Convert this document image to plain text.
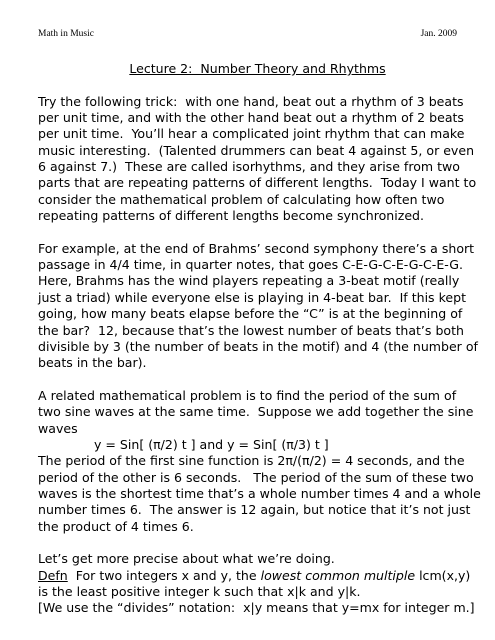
Math in Music	Jan. 2009
Lecture 2:  Number Theory and Rhythms
Try the following trick:  with one hand, beat out a rhythm of 3 beats
per unit time, and with the other hand beat out a rhythm of 2 beats
per unit time.  You’ll hear a complicated joint rhythm that can make
music interesting.  (Talented drummers can beat 4 against 5, or even
6 against 7.)  These are called isorhythms, and they arise from two
parts that are repeating patterns of different lengths.  Today I want to
consider the mathematical problem of calculating how often two
repeating patterns of different lengths become synchronized.
For example, at the end of Brahms’ second symphony there’s a short
passage in 4/4 time, in quarter notes, that goes C-E-G-C-E-G-C-E-G.
Here, Brahms has the wind players repeating a 3-beat motif (really
just a triad) while everyone else is playing in 4-beat bar.  If this kept
going, how many beats elapse before the “C” is at the beginning of
the bar?  12, because that’s the lowest number of beats that’s both
divisible by 3 (the number of beats in the motif) and 4 (the number of
beats in the bar).
A related mathematical problem is to find the period of the sum of
two sine waves at the same time.  Suppose we add together the sine
waves
y = Sin[ (π/2) t ] and y = Sin[ (π/3) t ]
The period of the first sine function is 2π/(π/2) = 4 seconds, and the
period of the other is 6 seconds.   The period of the sum of these two
waves is the shortest time that’s a whole number times 4 and a whole
number times 6.  The answer is 12 again, but notice that it’s not just
the product of 4 times 6.
Let’s get more precise about what we’re doing.
Defn  For two integers x and y, the lowest common multiple lcm(x,y)
is the least positive integer k such that x|k and y|k.
[We use the “divides” notation:  x|y means that y=mx for integer m.]
